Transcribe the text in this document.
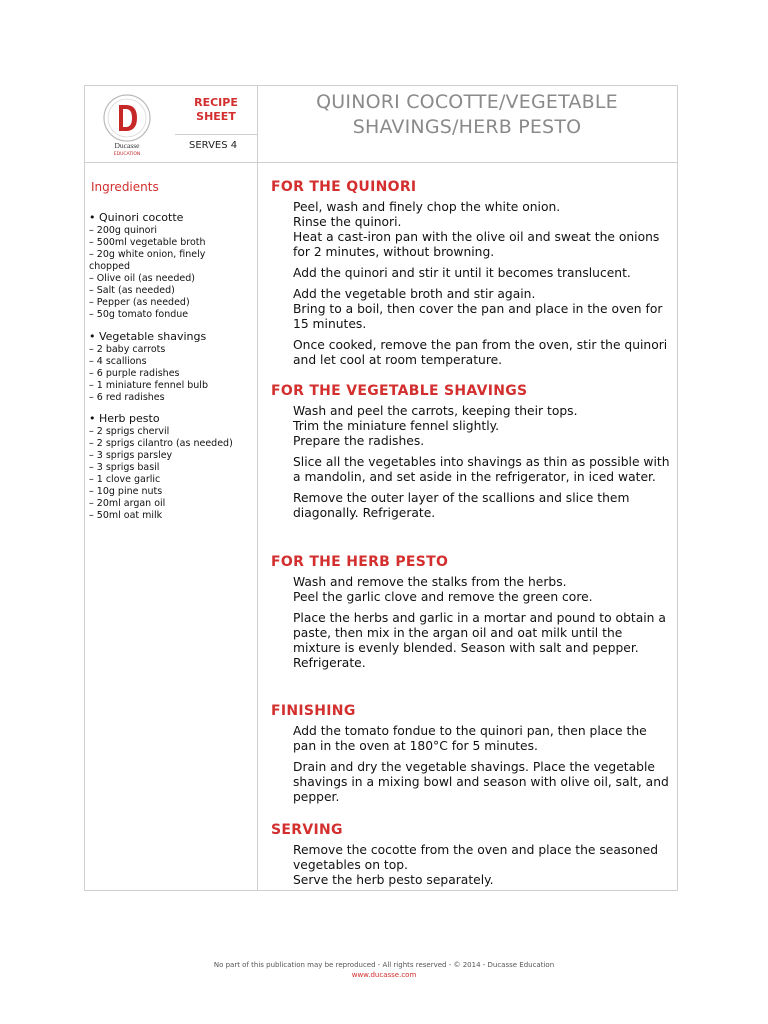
Ducasse
EDUCATION
RECIPE
SHEET
SERVES 4
QUINORI COCOTTE/VEGETABLE SHAVINGS/HERB PESTO
Ingredients
• Quinori cocotte
– 200g quinori
– 500ml vegetable broth
– 20g white onion, finely chopped
– Olive oil (as needed)
– Salt (as needed)
– Pepper (as needed)
– 50g tomato fondue
• Vegetable shavings
– 2 baby carrots
– 4 scallions
– 6 purple radishes
– 1 miniature fennel bulb
– 6 red radishes
• Herb pesto
– 2 sprigs chervil
– 2 sprigs cilantro (as needed)
– 3 sprigs parsley
– 3 sprigs basil
– 1 clove garlic
– 10g pine nuts
– 20ml argan oil
– 50ml oat milk
FOR THE QUINORI

Peel, wash and finely chop the white onion.
Rinse the quinori.
Heat a cast-iron pan with the olive oil and sweat the onions for 2 minutes, without browning.

Add the quinori and stir it until it becomes translucent.

Add the vegetable broth and stir again.
Bring to a boil, then cover the pan and place in the oven for 15 minutes.

Once cooked, remove the pan from the oven, stir the quinori and let cool at room temperature.

FOR THE VEGETABLE SHAVINGS

Wash and peel the carrots, keeping their tops.
Trim the miniature fennel slightly.
Prepare the radishes.

Slice all the vegetables into shavings as thin as possible with a mandolin, and set aside in the refrigerator, in iced water.

Remove the outer layer of the scallions and slice them diagonally. Refrigerate.

FOR THE HERB PESTO

Wash and remove the stalks from the herbs.
Peel the garlic clove and remove the green core.

Place the herbs and garlic in a mortar and pound to obtain a paste, then mix in the argan oil and oat milk until the mixture is evenly blended. Season with salt and pepper.
Refrigerate.

FINISHING

Add the tomato fondue to the quinori pan, then place the pan in the oven at 180°C for 5 minutes.

Drain and dry the vegetable shavings. Place the vegetable shavings in a mixing bowl and season with olive oil, salt, and pepper.

SERVING

Remove the cocotte from the oven and place the seasoned vegetables on top.
Serve the herb pesto separately.

No part of this publication may be reproduced - All rights reserved - © 2014 - Ducasse Education
www.ducasse.com
